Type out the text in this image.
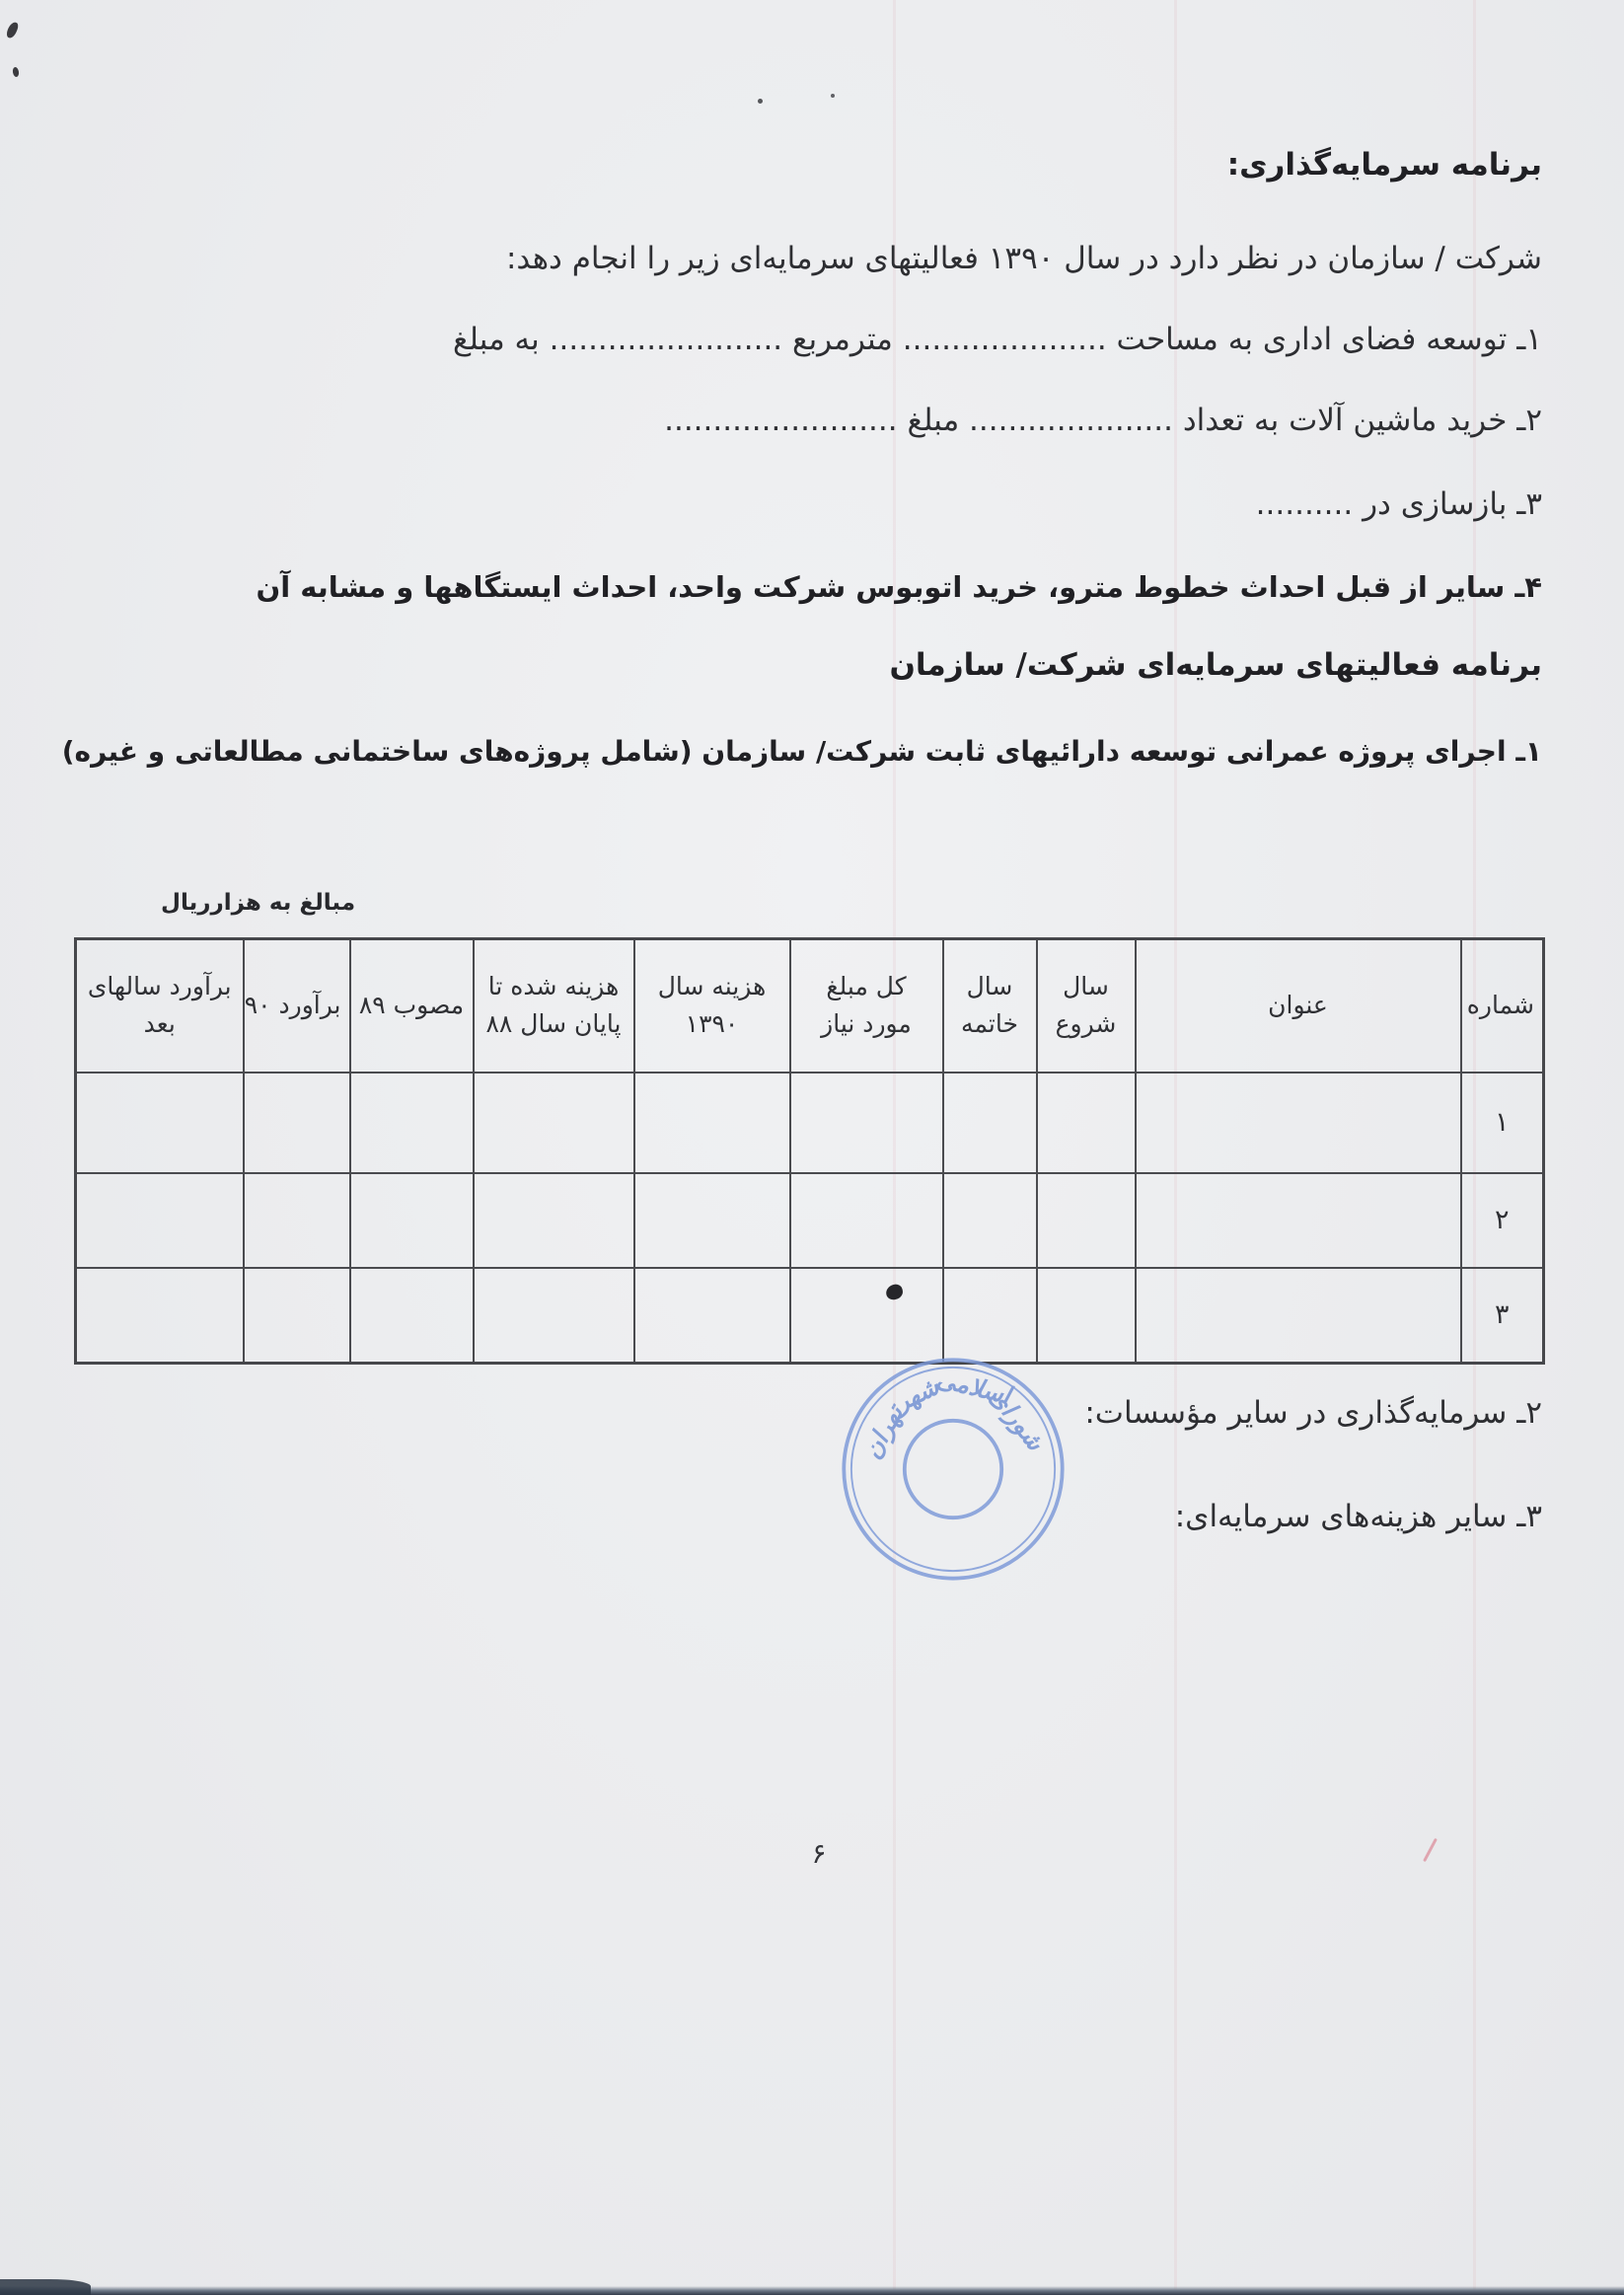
برنامه سرمایه‌گذاری:
شرکت / سازمان در نظر دارد در سال ۱۳۹۰ فعالیتهای سرمایه‌ای زیر را انجام دهد:
۱ـ توسعه فضای اداری به مساحت ..................... مترمربع ........................ به مبلغ
۲ـ خرید ماشین آلات به تعداد ..................... مبلغ ........................
۳ـ بازسازی در ..........
۴ـ سایر از قبل احداث خطوط مترو، خرید اتوبوس شرکت واحد، احداث ایستگاهها و مشابه آن
برنامه فعالیتهای سرمایه‌ای شرکت/ سازمان
۱ـ اجرای پروژه عمرانی توسعه دارائیهای ثابت شرکت/ سازمان (شامل پروژه‌های ساختمانی مطالعاتی و غیره)
مبالغ به هزارریال
شماره	عنوان	سال شروع	سال خاتمه	کل مبلغ مورد نیاز	هزینه سال ۱۳۹۰	هزینه شده تا پایان سال ۸۸	مصوب ۸۹	برآورد ۹۰	برآورد سالهای بعد
۱									
۲									
۳									
۲ـ سرمایه‌گذاری در سایر مؤسسات:
۳ـ سایر هزینه‌های سرمایه‌ای:
شورای
اسلامی
شهر
تهران
۶
